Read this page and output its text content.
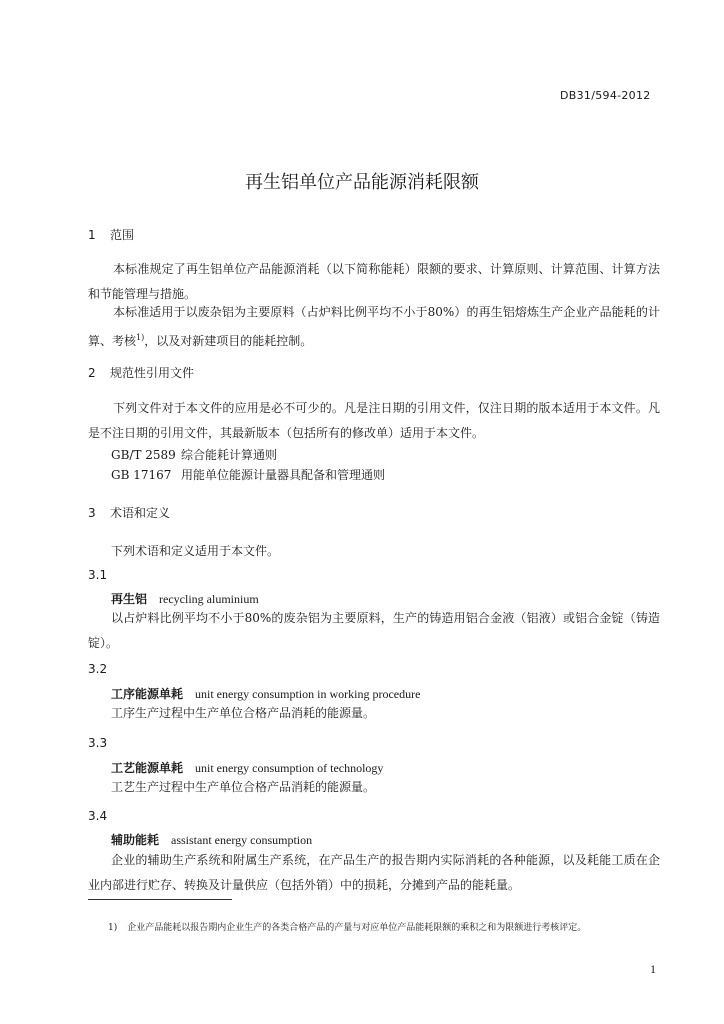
DB31/594-2012
再生铝单位产品能源消耗限额
1 范围
本标准规定了再生铝单位产品能源消耗（以下简称能耗）限额的要求、计算原则、计算范围、计算方法和节能管理与措施。
本标准适用于以废杂铝为主要原料（占炉料比例平均不小于80%）的再生铝熔炼生产企业产品能耗的计算、考核$^{1)}$，以及对新建项目的能耗控制。
2 规范性引用文件
下列文件对于本文件的应用是必不可少的。凡是注日期的引用文件，仅注日期的版本适用于本文件。凡是不注日期的引用文件，其最新版本（包括所有的修改单）适用于本文件。
GB/T 2589 综合能耗计算通则
GB 17167 用能单位能源计量器具配备和管理通则
3 术语和定义
下列术语和定义适用于本文件。
3.1
再生铝 recycling aluminium
以占炉料比例平均不小于80%的废杂铝为主要原料，生产的铸造用铝合金液（铝液）或铝合金锭（铸造锭）。
3.2
工序能源单耗 unit energy consumption in working procedure
工序生产过程中生产单位合格产品消耗的能源量。
3.3
工艺能源单耗 unit energy consumption of technology
工艺生产过程中生产单位合格产品消耗的能源量。
3.4
辅助能耗 assistant energy consumption
企业的辅助生产系统和附属生产系统，在产品生产的报告期内实际消耗的各种能源，以及耗能工质在企业内部进行贮存、转换及计量供应（包括外销）中的损耗，分摊到产品的能耗量。
1) 企业产品能耗以报告期内企业生产的各类合格产品的产量与对应单位产品能耗限额的乘积之和为限额进行考核评定。
1
